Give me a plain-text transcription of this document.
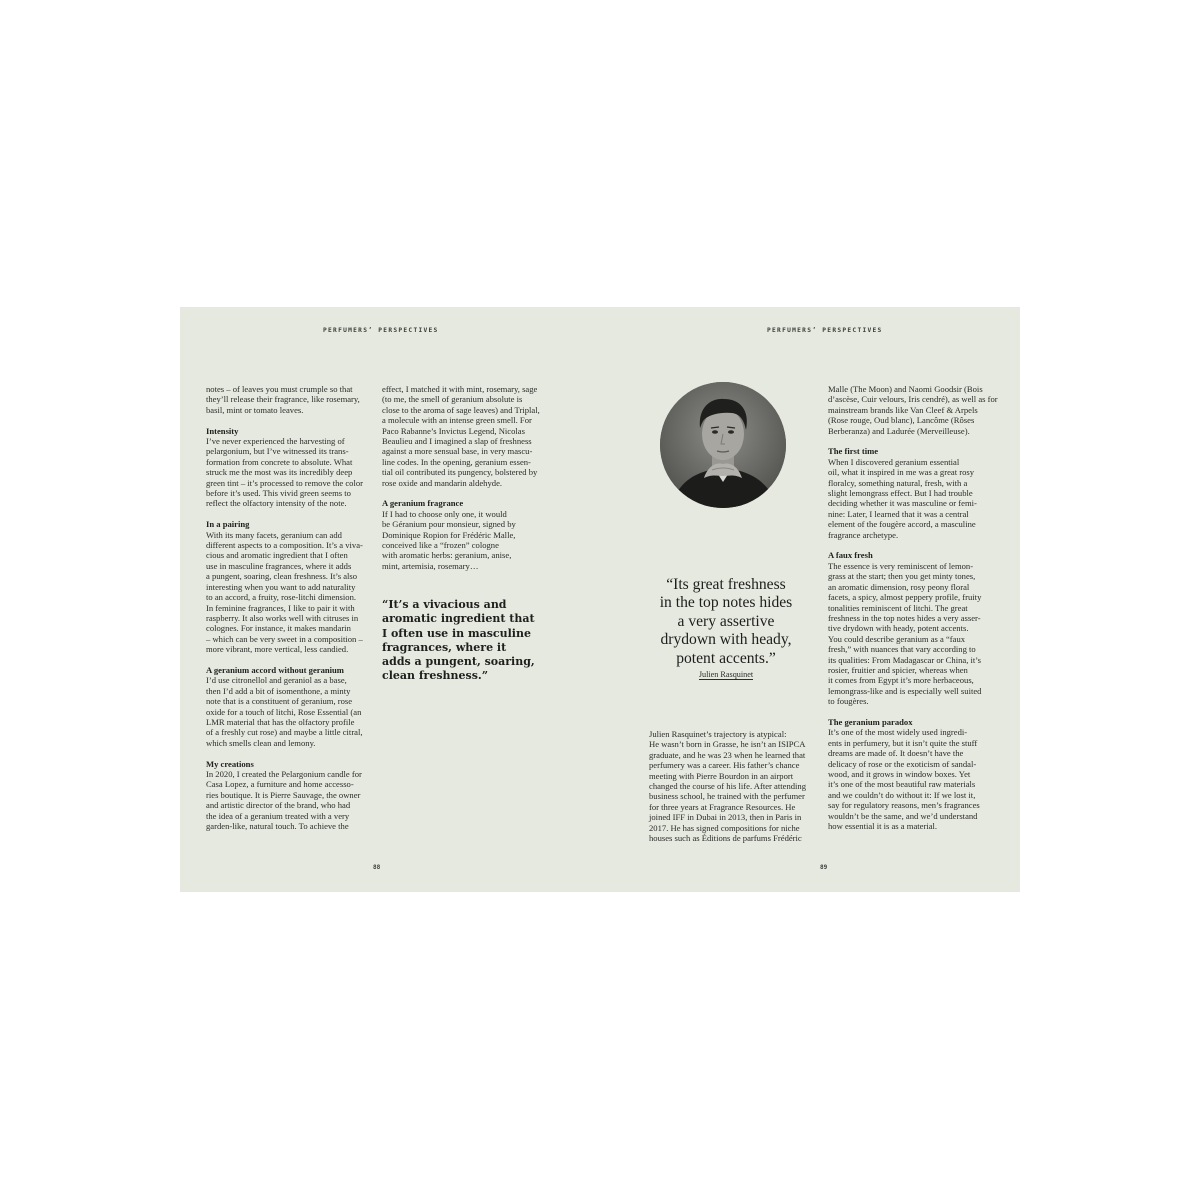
PERFUMERS’ PERSPECTIVES	PERFUMERS’ PERSPECTIVES

notes – of leaves you must crumple so that

they’ll release their fragrance, like rosemary,

basil, mint or tomato leaves.

Intensity

I’ve never experienced the harvesting of

pelargonium, but I’ve witnessed its trans-

formation from concrete to absolute. What

struck me the most was its incredibly deep

green tint – it’s processed to remove the color

before it’s used. This vivid green seems to

reflect the olfactory intensity of the note.

In a pairing

With its many facets, geranium can add

different aspects to a composition. It’s a viva-

cious and aromatic ingredient that I often

use in masculine fragrances, where it adds

a pungent, soaring, clean freshness. It’s also

interesting when you want to add naturality

to an accord, a fruity, rose-litchi dimension.

In feminine fragrances, I like to pair it with

raspberry. It also works well with citruses in

colognes. For instance, it makes mandarin

– which can be very sweet in a composition –

more vibrant, more vertical, less candied.

A geranium accord without geranium

I’d use citronellol and geraniol as a base,

then I’d add a bit of isomenthone, a minty

note that is a constituent of geranium, rose

oxide for a touch of litchi, Rose Essential (an

LMR material that has the olfactory profile

of a freshly cut rose) and maybe a little citral,

which smells clean and lemony.

My creations

In 2020, I created the Pelargonium candle for

Casa Lopez, a furniture and home accesso-

ries boutique. It is Pierre Sauvage, the owner

and artistic director of the brand, who had

the idea of a geranium treated with a very

garden-like, natural touch. To achieve the

effect, I matched it with mint, rosemary, sage

(to me, the smell of geranium absolute is

close to the aroma of sage leaves) and Triplal,

a molecule with an intense green smell. For

Paco Rabanne’s Invictus Legend, Nicolas

Beaulieu and I imagined a slap of freshness

against a more sensual base, in very mascu-

line codes. In the opening, geranium essen-

tial oil contributed its pungency, bolstered by

rose oxide and mandarin aldehyde.

A geranium fragrance

If I had to choose only one, it would

be Géranium pour monsieur, signed by

Dominique Ropion for Frédéric Malle,

conceived like a “frozen” cologne

with aromatic herbs: geranium, anise,

mint, artemisia, rosemary…

“It’s a vivacious and
aromatic ingredient that
I often use in masculine
fragrances, where it
adds a pungent, soaring,
clean freshness.”
“Its great freshness
in the top notes hides
a very assertive
drydown with heady,
potent accents.”
Julien Rasquinet

Julien Rasquinet’s trajectory is atypical:

He wasn’t born in Grasse, he isn’t an ISIPCA

graduate, and he was 23 when he learned that

perfumery was a career. His father’s chance

meeting with Pierre Bourdon in an airport

changed the course of his life. After attending

business school, he trained with the perfumer

for three years at Fragrance Resources. He

joined IFF in Dubai in 2013, then in Paris in

2017. He has signed compositions for niche

houses such as Éditions de parfums Frédéric

Malle (The Moon) and Naomi Goodsir (Bois

d’ascèse, Cuir velours, Iris cendré), as well as for

mainstream brands like Van Cleef & Arpels

(Rose rouge, Oud blanc), Lancôme (Rôses

Berberanza) and Ladurée (Merveilleuse).

The first time

When I discovered geranium essential

oil, what it inspired in me was a great rosy

floralcy, something natural, fresh, with a

slight lemongrass effect. But I had trouble

deciding whether it was masculine or femi-

nine: Later, I learned that it was a central

element of the fougère accord, a masculine

fragrance archetype.

A faux fresh

The essence is very reminiscent of lemon-

grass at the start; then you get minty tones,

an aromatic dimension, rosy peony floral

facets, a spicy, almost peppery profile, fruity

tonalities reminiscent of litchi. The great

freshness in the top notes hides a very asser-

tive drydown with heady, potent accents.

You could describe geranium as a “faux

fresh,” with nuances that vary according to

its qualities: From Madagascar or China, it’s

rosier, fruitier and spicier, whereas when

it comes from Egypt it’s more herbaceous,

lemongrass-like and is especially well suited

to fougères.

The geranium paradox

It’s one of the most widely used ingredi-

ents in perfumery, but it isn’t quite the stuff

dreams are made of. It doesn’t have the

delicacy of rose or the exoticism of sandal-

wood, and it grows in window boxes. Yet

it’s one of the most beautiful raw materials

and we couldn’t do without it: If we lost it,

say for regulatory reasons, men’s fragrances

wouldn’t be the same, and we’d understand

how essential it is as a material.

88	89
